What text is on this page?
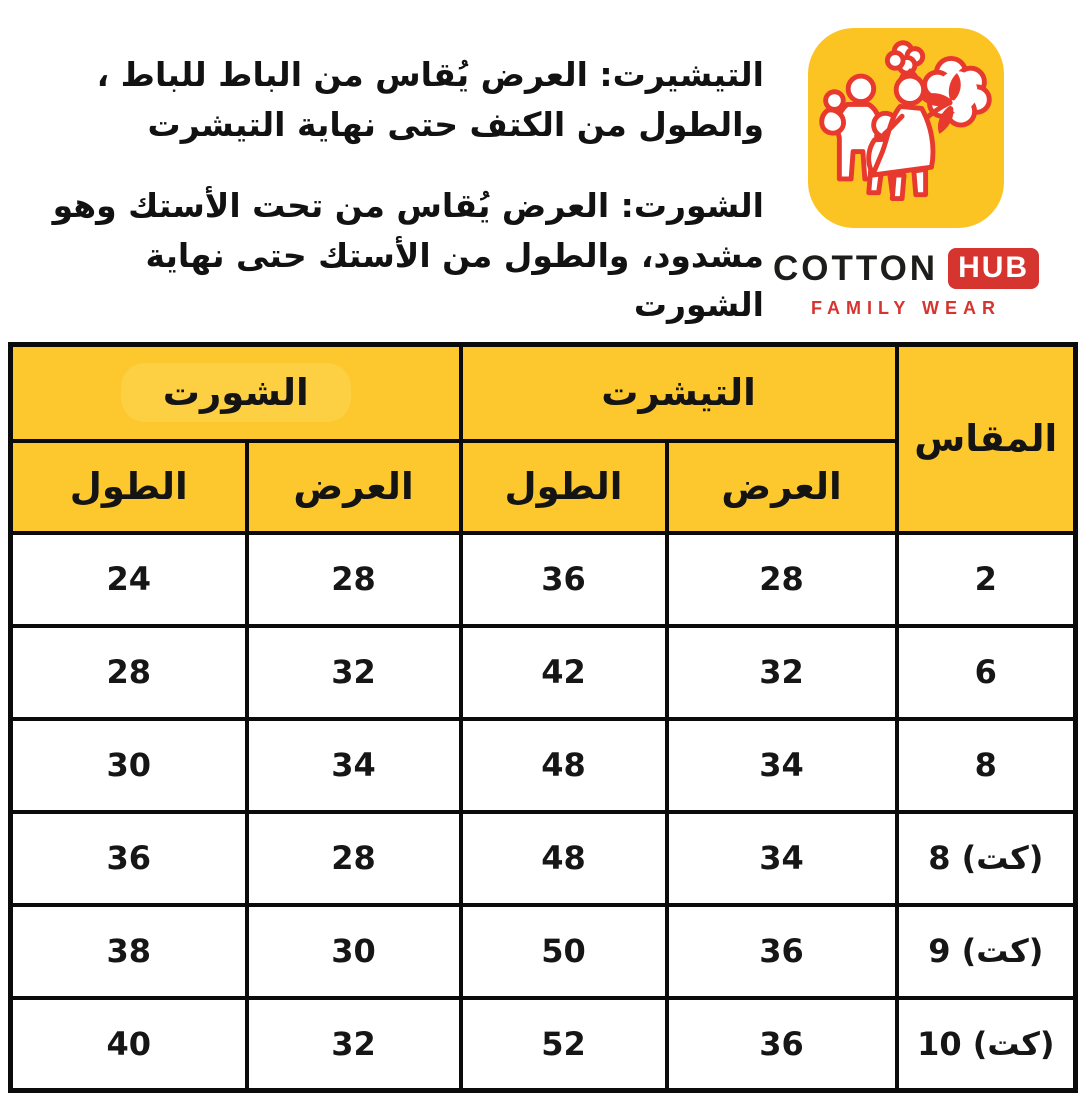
التيشيرت: العرض يُقاس من الباط للباط ، والطول من الكتف حتى نهاية التيشرت

الشورت: العرض يُقاس من تحت الأستك وهو مشدود، والطول من الأستك حتى نهاية الشورت

COTTON HUB
FAMILY WEAR
المقاس	التيشرت		الشورت	
	العرض	الطول	العرض	الطول
2	28	36	28	24
6	32	42	32	28
8	34	48	34	30
(كت) 8	34	48	28	36
(كت) 9	36	50	30	38
(كت) 10	36	52	32	40
